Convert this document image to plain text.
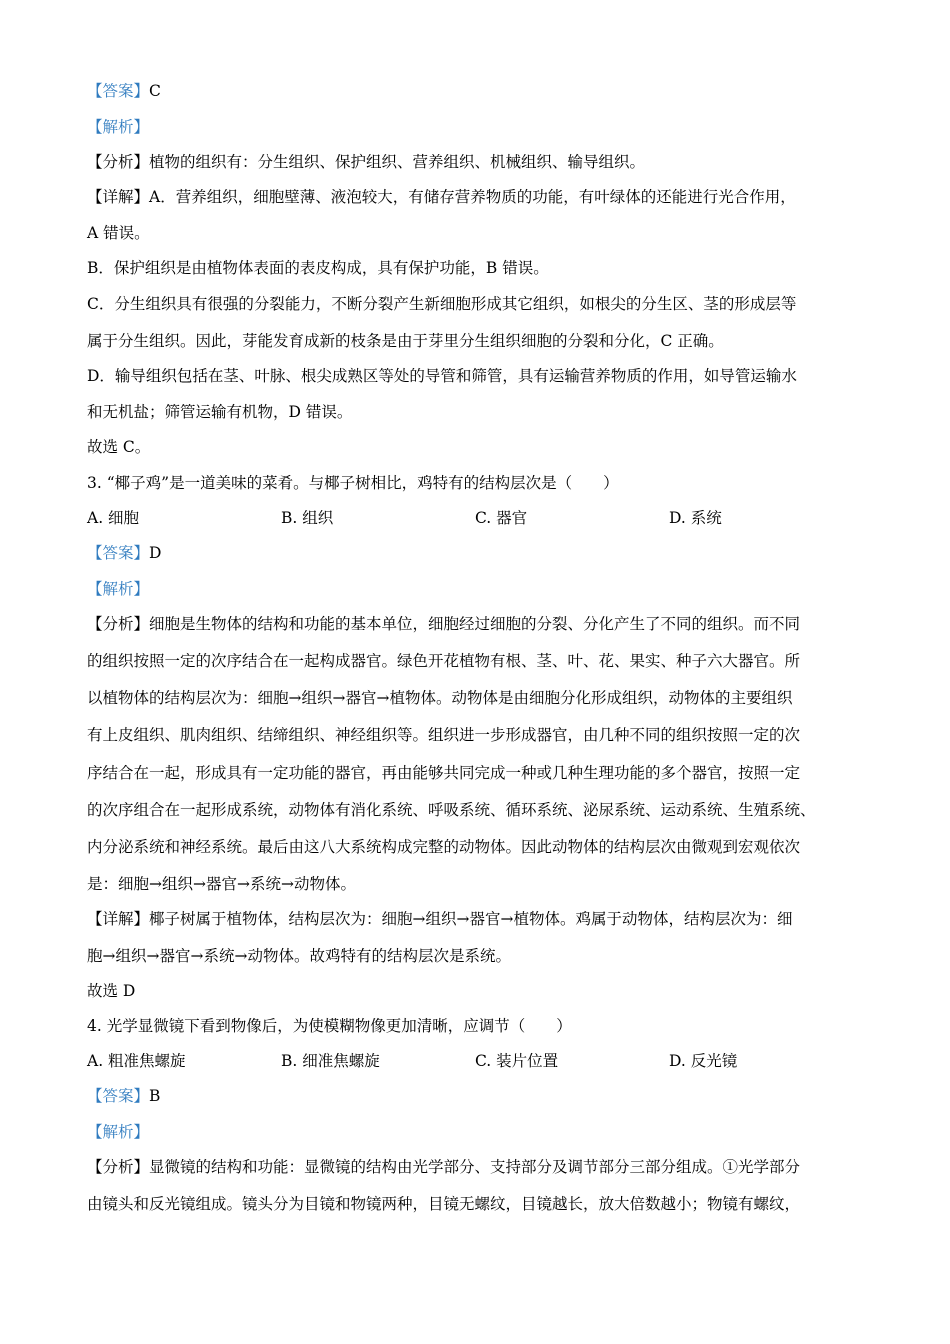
【答案】C
【解析】
【分析】植物的组织有：分生组织、保护组织、营养组织、机械组织、输导组织。
【详解】A．营养组织，细胞壁薄、液泡较大，有储存营养物质的功能，有叶绿体的还能进行光合作用，
A 错误。
B．保护组织是由植物体表面的表皮构成，具有保护功能，B 错误。
C．分生组织具有很强的分裂能力，不断分裂产生新细胞形成其它组织，如根尖的分生区、茎的形成层等
属于分生组织。因此，芽能发育成新的枝条是由于芽里分生组织细胞的分裂和分化，C 正确。
D．输导组织包括在茎、叶脉、根尖成熟区等处的导管和筛管，具有运输营养物质的作用，如导管运输水
和无机盐；筛管运输有机物，D 错误。
故选 C。
3. “椰子鸡”是一道美味的菜肴。与椰子树相比，鸡特有的结构层次是（　　）
A. 细胞	B. 组织	C. 器官	D. 系统
【答案】D
【解析】
【分析】细胞是生物体的结构和功能的基本单位，细胞经过细胞的分裂、分化产生了不同的组织。而不同
的组织按照一定的次序结合在一起构成器官。绿色开花植物有根、茎、叶、花、果实、种子六大器官。所
以植物体的结构层次为：细胞→组织→器官→植物体。动物体是由细胞分化形成组织，动物体的主要组织
有上皮组织、肌肉组织、结缔组织、神经组织等。组织进一步形成器官，由几种不同的组织按照一定的次
序结合在一起，形成具有一定功能的器官，再由能够共同完成一种或几种生理功能的多个器官，按照一定
的次序组合在一起形成系统，动物体有消化系统、呼吸系统、循环系统、泌尿系统、运动系统、生殖系统、
内分泌系统和神经系统。最后由这八大系统构成完整的动物体。因此动物体的结构层次由微观到宏观依次
是：细胞→组织→器官→系统→动物体。
【详解】椰子树属于植物体，结构层次为：细胞→组织→器官→植物体。鸡属于动物体，结构层次为：细
胞→组织→器官→系统→动物体。故鸡特有的结构层次是系统。
故选 D
4. 光学显微镜下看到物像后，为使模糊物像更加清晰，应调节（　　）
A. 粗准焦螺旋	B. 细准焦螺旋	C. 装片位置	D. 反光镜
【答案】B
【解析】
【分析】显微镜的结构和功能：显微镜的结构由光学部分、支持部分及调节部分三部分组成。①光学部分
由镜头和反光镜组成。镜头分为目镜和物镜两种，目镜无螺纹，目镜越长，放大倍数越小；物镜有螺纹，
